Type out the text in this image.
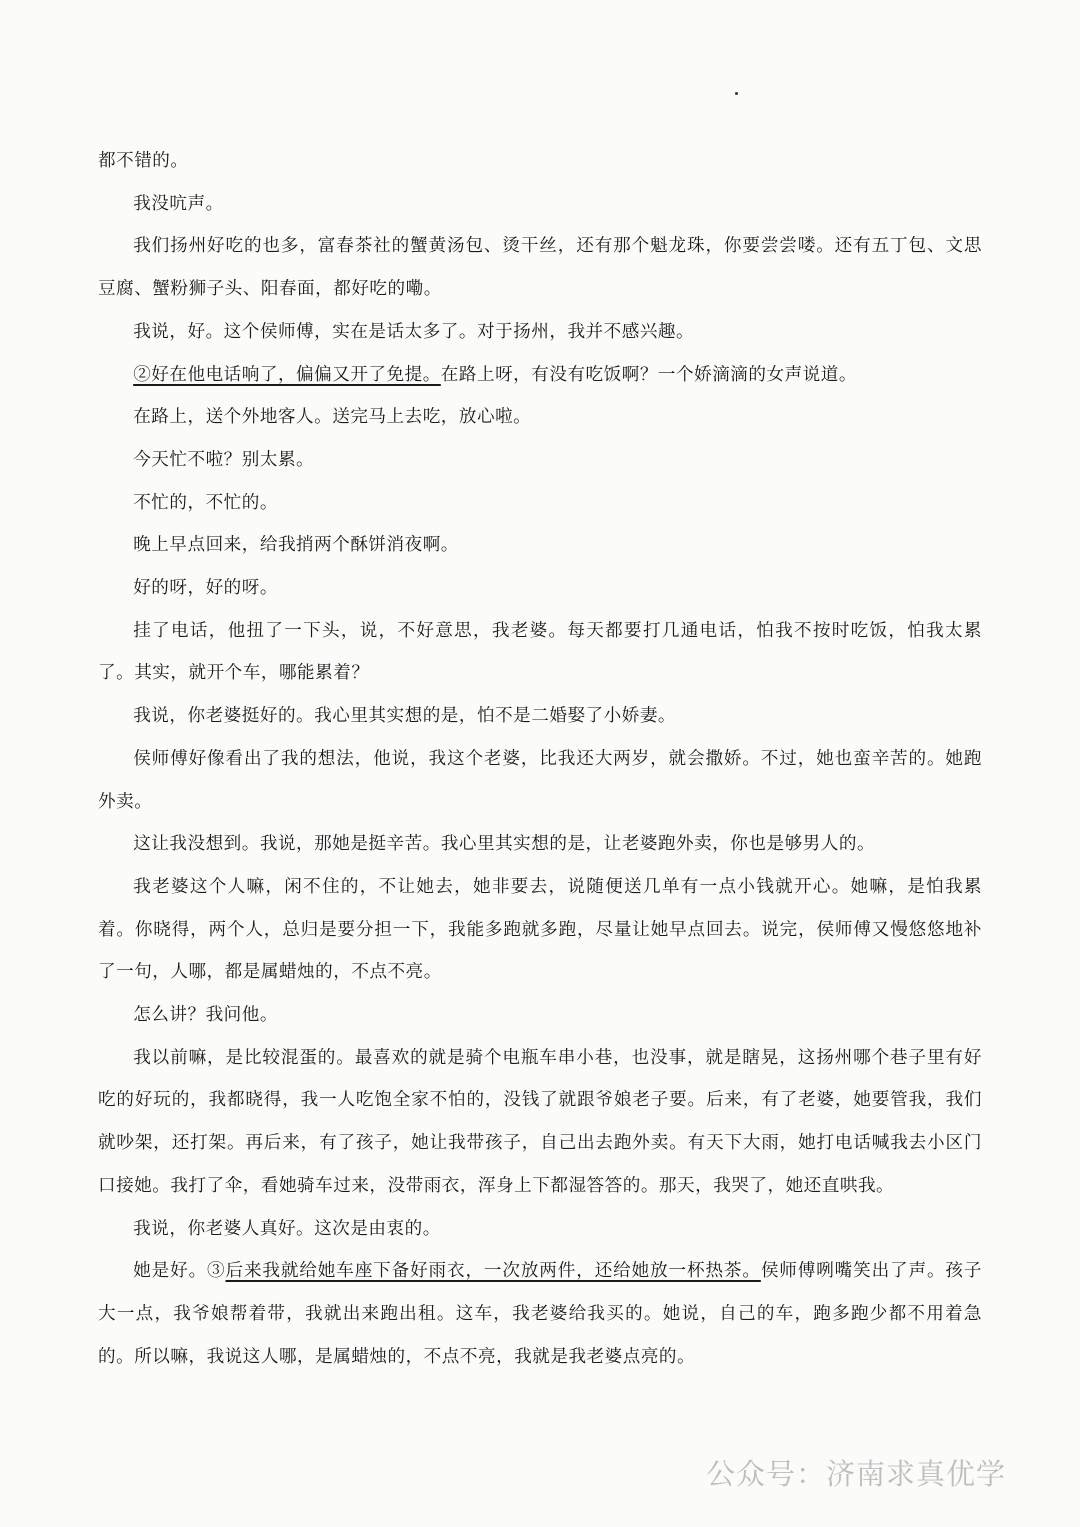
都不错的。

我没吭声。

我们扬州好吃的也多，富春茶社的蟹黄汤包、烫干丝，还有那个魁龙珠，你要尝尝喽。还有五丁包、文思豆腐、蟹粉狮子头、阳春面，都好吃的嘞。

我说，好。这个侯师傅，实在是话太多了。对于扬州，我并不感兴趣。

②好在他电话响了，偏偏又开了免提。在路上呀，有没有吃饭啊？一个娇滴滴的女声说道。

在路上，送个外地客人。送完马上去吃，放心啦。

今天忙不啦？别太累。

不忙的，不忙的。

晚上早点回来，给我捎两个酥饼消夜啊。

好的呀，好的呀。

挂了电话，他扭了一下头，说，不好意思，我老婆。每天都要打几通电话，怕我不按时吃饭，怕我太累了。其实，就开个车，哪能累着？

我说，你老婆挺好的。我心里其实想的是，怕不是二婚娶了小娇妻。

侯师傅好像看出了我的想法，他说，我这个老婆，比我还大两岁，就会撒娇。不过，她也蛮辛苦的。她跑外卖。

这让我没想到。我说，那她是挺辛苦。我心里其实想的是，让老婆跑外卖，你也是够男人的。

我老婆这个人嘛，闲不住的，不让她去，她非要去，说随便送几单有一点小钱就开心。她嘛，是怕我累着。你晓得，两个人，总归是要分担一下，我能多跑就多跑，尽量让她早点回去。说完，侯师傅又慢悠悠地补了一句，人哪，都是属蜡烛的，不点不亮。

怎么讲？我问他。

我以前嘛，是比较混蛋的。最喜欢的就是骑个电瓶车串小巷，也没事，就是瞎晃，这扬州哪个巷子里有好吃的好玩的，我都晓得，我一人吃饱全家不怕的，没钱了就跟爷娘老子要。后来，有了老婆，她要管我，我们就吵架，还打架。再后来，有了孩子，她让我带孩子，自己出去跑外卖。有天下大雨，她打电话喊我去小区门口接她。我打了伞，看她骑车过来，没带雨衣，浑身上下都湿答答的。那天，我哭了，她还直哄我。

我说，你老婆人真好。这次是由衷的。

她是好。③后来我就给她车座下备好雨衣，一次放两件，还给她放一杯热茶。侯师傅咧嘴笑出了声。孩子大一点，我爷娘帮着带，我就出来跑出租。这车，我老婆给我买的。她说，自己的车，跑多跑少都不用着急的。所以嘛，我说这人哪，是属蜡烛的，不点不亮，我就是我老婆点亮的。

公众号：济南求真优学
